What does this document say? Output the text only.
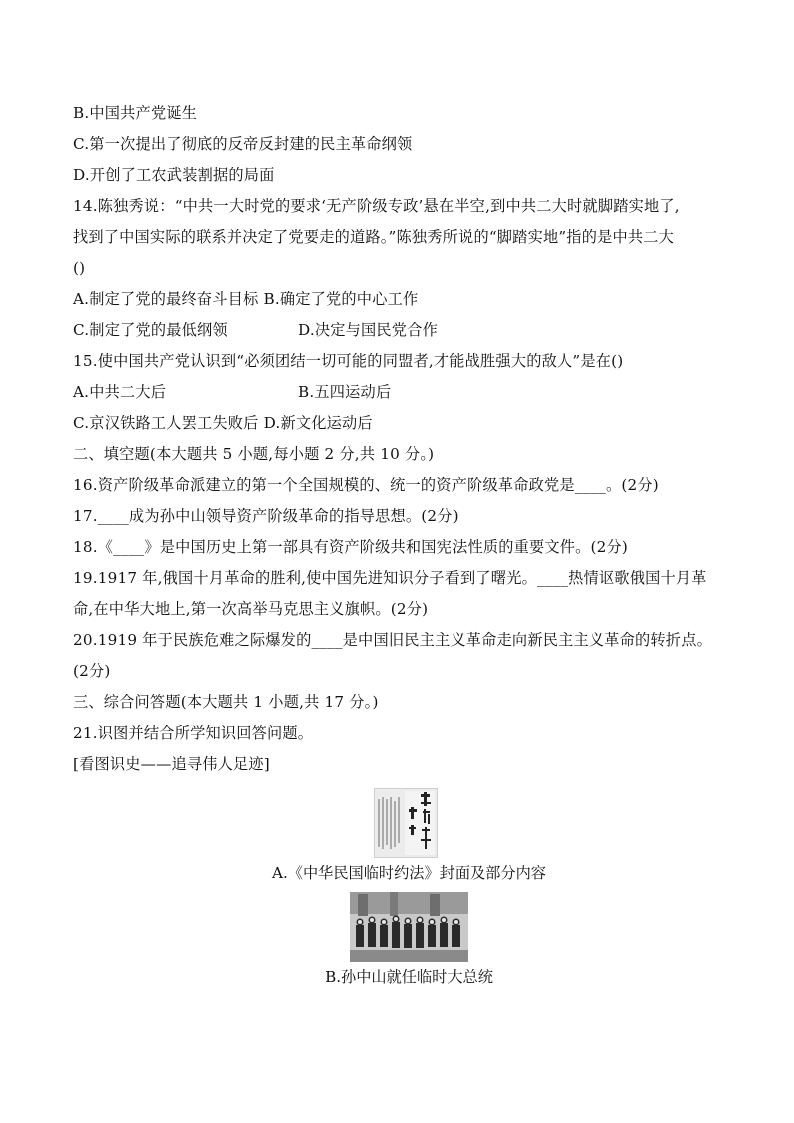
B.中国共产党诞生
C.第一次提出了彻底的反帝反封建的民主革命纲领
D.开创了工农武装割据的局面
14.陈独秀说：“中共一大时党的要求‘无产阶级专政’悬在半空,到中共二大时就脚踏实地了,
找到了中国实际的联系并决定了党要走的道路。”陈独秀所说的“脚踏实地”指的是中共二大
()
A.制定了党的最终奋斗目标 B.确定了党的中心工作
C.制定了党的最低纲领	D.决定与国民党合作
15.使中国共产党认识到“必须团结一切可能的同盟者,才能战胜强大的敌人”是在()
A.中共二大后	B.五四运动后
C.京汉铁路工人罢工失败后 D.新文化运动后
二、填空题(本大题共 5 小题,每小题 2 分,共 10 分。)
16.资产阶级革命派建立的第一个全国规模的、统一的资产阶级革命政党是____。(2分)
17.____成为孙中山领导资产阶级革命的指导思想。(2分)
18.《____》是中国历史上第一部具有资产阶级共和国宪法性质的重要文件。(2分)
19.1917 年,俄国十月革命的胜利,使中国先进知识分子看到了曙光。____热情讴歌俄国十月革
命,在中华大地上,第一次高举马克思主义旗帜。(2分)
20.1919 年于民族危难之际爆发的____是中国旧民主主义革命走向新民主主义革命的转折点。
(2分)
三、综合问答题(本大题共 1 小题,共 17 分。)
21.识图并结合所学知识回答问题。
[看图识史——追寻伟人足迹]
A.《中华民国临时约法》封面及部分内容
B.孙中山就任临时大总统
